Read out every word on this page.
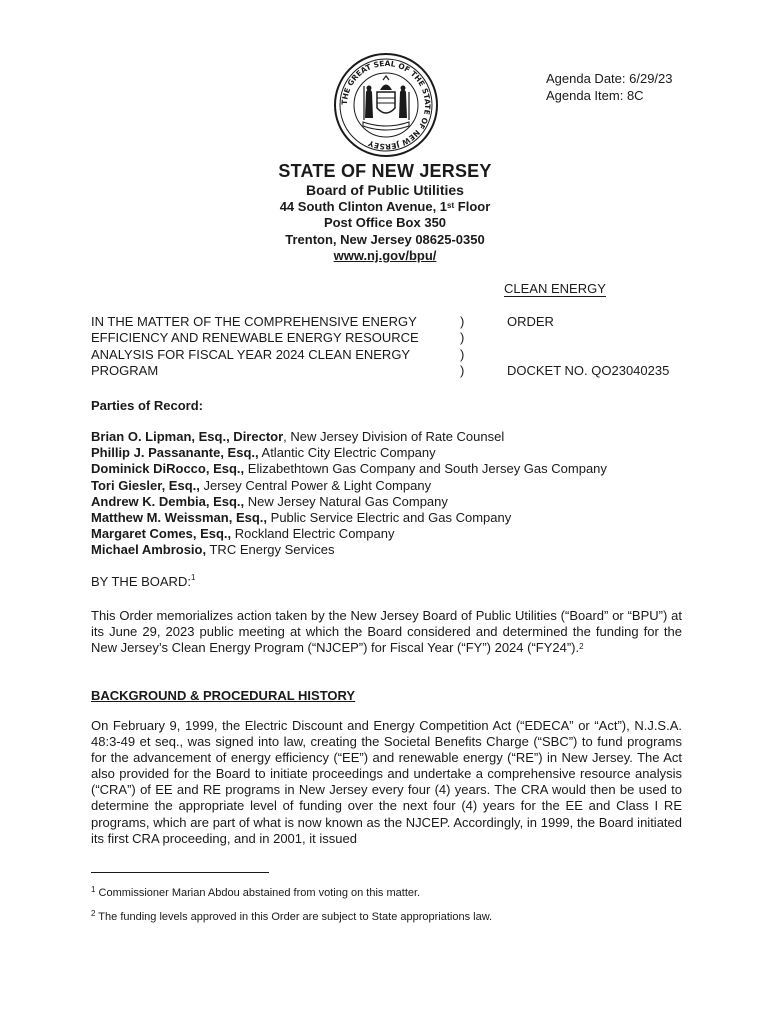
THE GREAT SEAL OF THE STATE OF NEW JERSEY
Agenda Date: 6/29/23
Agenda Item: 8C
STATE OF NEW JERSEY
Board of Public Utilities
44 South Clinton Avenue, 1st Floor
Post Office Box 350
Trenton, New Jersey 08625-0350
www.nj.gov/bpu/
CLEAN ENERGY
IN THE MATTER OF THE COMPREHENSIVE ENERGY
EFFICIENCY AND RENEWABLE ENERGY RESOURCE
ANALYSIS FOR FISCAL YEAR 2024 CLEAN ENERGY
PROGRAM
)
)
)
)
ORDER
DOCKET NO. QO23040235
Parties of Record:
Brian O. Lipman, Esq., Director, New Jersey Division of Rate Counsel
Phillip J. Passanante, Esq., Atlantic City Electric Company
Dominick DiRocco, Esq., Elizabethtown Gas Company and South Jersey Gas Company
Tori Giesler, Esq., Jersey Central Power & Light Company
Andrew K. Dembia, Esq., New Jersey Natural Gas Company
Matthew M. Weissman, Esq., Public Service Electric and Gas Company
Margaret Comes, Esq., Rockland Electric Company
Michael Ambrosio, TRC Energy Services
BY THE BOARD:$^1$
This Order memorializes action taken by the New Jersey Board of Public Utilities (“Board” or “BPU”) at its June 29, 2023 public meeting at which the Board considered and determined the funding for the New Jersey’s Clean Energy Program (“NJCEP”) for Fiscal Year (“FY”) 2024 (“FY24”).$^2$
BACKGROUND & PROCEDURAL HISTORY
On February 9, 1999, the Electric Discount and Energy Competition Act (“EDECA” or “Act”), N.J.S.A. 48:3-49 et seq., was signed into law, creating the Societal Benefits Charge (“SBC”) to fund programs for the advancement of energy efficiency (“EE”) and renewable energy (“RE”) in New Jersey. The Act also provided for the Board to initiate proceedings and undertake a comprehensive resource analysis (“CRA”) of EE and RE programs in New Jersey every four (4) years. The CRA would then be used to determine the appropriate level of funding over the next four (4) years for the EE and Class I RE programs, which are part of what is now known as the NJCEP. Accordingly, in 1999, the Board initiated its first CRA proceeding, and in 2001, it issued
$^1$ Commissioner Marian Abdou abstained from voting on this matter.
$^2$ The funding levels approved in this Order are subject to State appropriations law.
